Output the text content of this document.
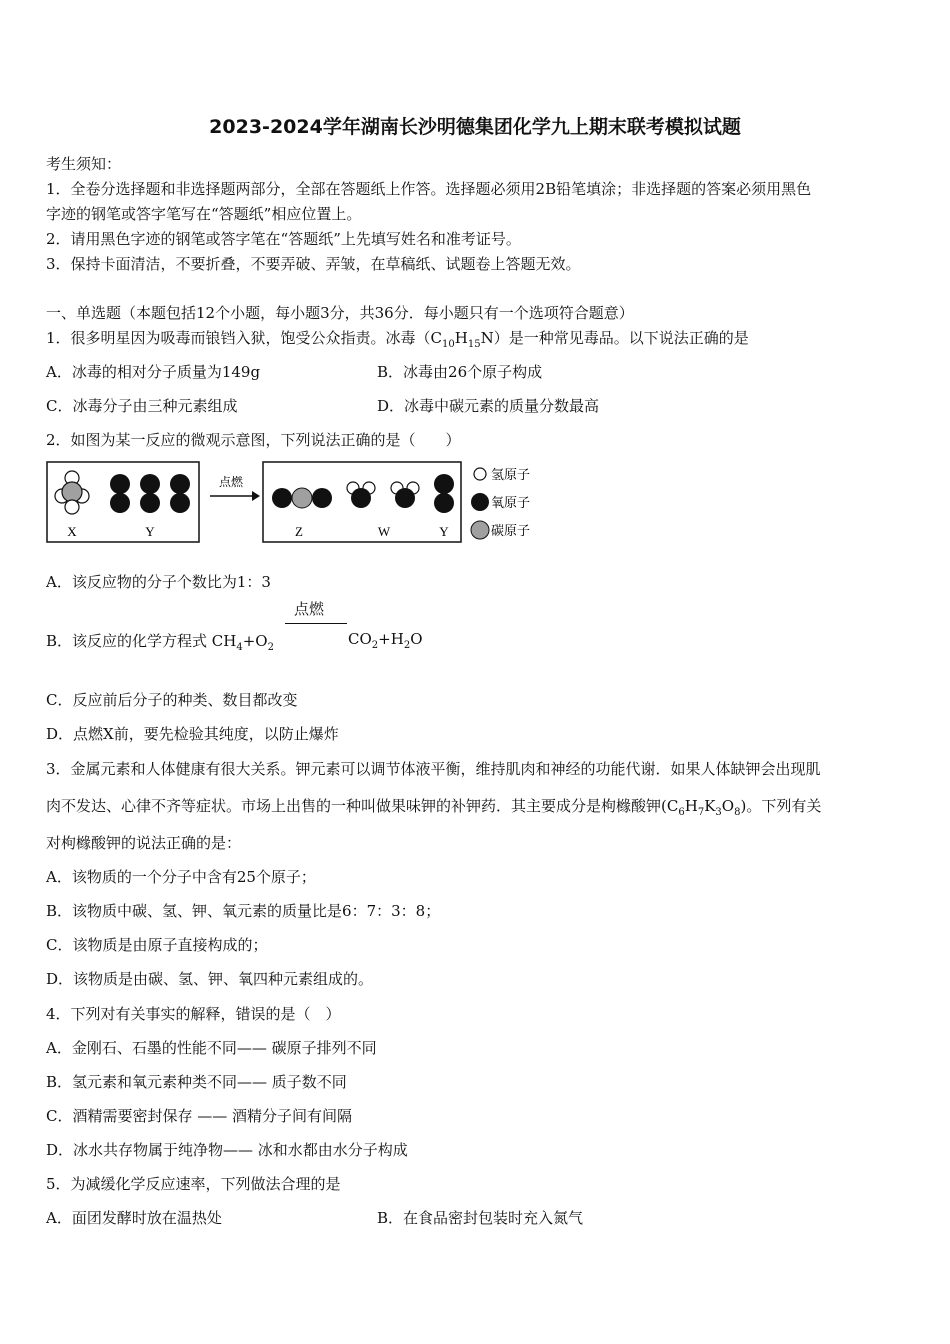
2023-2024学年湖南长沙明德集团化学九上期末联考模拟试题
考生须知：
1．全卷分选择题和非选择题两部分，全部在答题纸上作答。选择题必须用2B铅笔填涂；非选择题的答案必须用黑色
字迹的钢笔或答字笔写在“答题纸”相应位置上。
2．请用黑色字迹的钢笔或答字笔在“答题纸”上先填写姓名和准考证号。
3．保持卡面清洁，不要折叠，不要弄破、弄皱，在草稿纸、试题卷上答题无效。
一、单选题（本题包括12个小题，每小题3分，共36分．每小题只有一个选项符合题意）
1．很多明星因为吸毒而锒铛入狱，饱受公众指责。冰毒$(C_{10}H_{15}N)$是一种常见毒品。以下说法正确的是
A．冰毒的相对分子质量为149g	B．冰毒由26个原子构成
C．冰毒分子由三种元素组成	D．冰毒中碳元素的质量分数最高
2．如图为某一反应的微观示意图，下列说法正确的是（　　）
X	Y
点燃
Z	W	Y
氢原子
氧原子
碳原子
A．该反应物的分子个数比为1：3
点燃
B．该反应的化学方程式 $CH_4+O_2$	$CO_2+H_2O$
C．反应前后分子的种类、数目都改变
D．点燃X前，要先检验其纯度，以防止爆炸
3．金属元素和人体健康有很大关系。钾元素可以调节体液平衡，维持肌肉和神经的功能代谢．如果人体缺钾会出现肌
肉不发达、心律不齐等症状。市场上出售的一种叫做果味钾的补钾药．其主要成分是枸橼酸钾$(C_6H_7K_3O_8)$。下列有关
对枸橼酸钾的说法正确的是：
A．该物质的一个分子中含有25个原子；
B．该物质中碳、氢、钾、氧元素的质量比是6：7：3：8；
C．该物质是由原子直接构成的；
D．该物质是由碳、氢、钾、氧四种元素组成的。
4．下列对有关事实的解释，错误的是（　）
A．金刚石、石墨的性能不同—— 碳原子排列不同
B．氢元素和氧元素种类不同—— 质子数不同
C．酒精需要密封保存 —— 酒精分子间有间隔
D．冰水共存物属于纯净物—— 冰和水都由水分子构成
5．为减缓化学反应速率，下列做法合理的是
A．面团发酵时放在温热处	B．在食品密封包装时充入氮气
